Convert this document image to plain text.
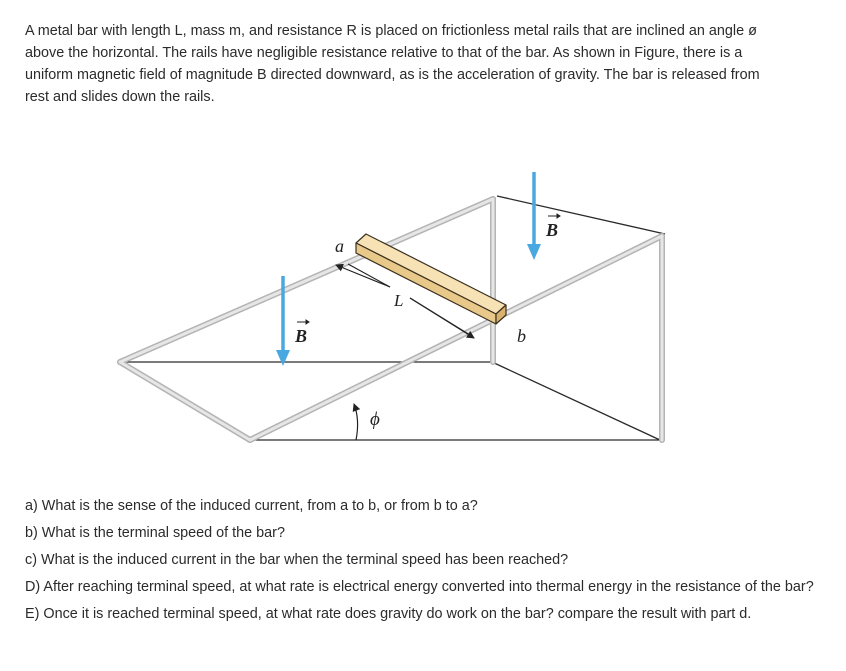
A metal bar with length L, mass m, and resistance R is placed on frictionless metal rails that are inclined an angle ø above the horizontal. The rails have negligible resistance relative to that of the bar. As shown in Figure, there is a uniform magnetic field of magnitude B directed downward, as is the acceleration of gravity. The bar is released from rest and slides down the rails.

a
L
b
B
B
ϕ
a) What is the sense of the induced current, from a to b, or from b to a?
b) What is the terminal speed of the bar?
c) What is the induced current in the bar when the terminal speed has been reached?
D) After reaching terminal speed, at what rate is electrical energy converted into thermal energy in the resistance of the bar?
E) Once it is reached terminal speed, at what rate does gravity do work on the bar? compare the result with part d.
